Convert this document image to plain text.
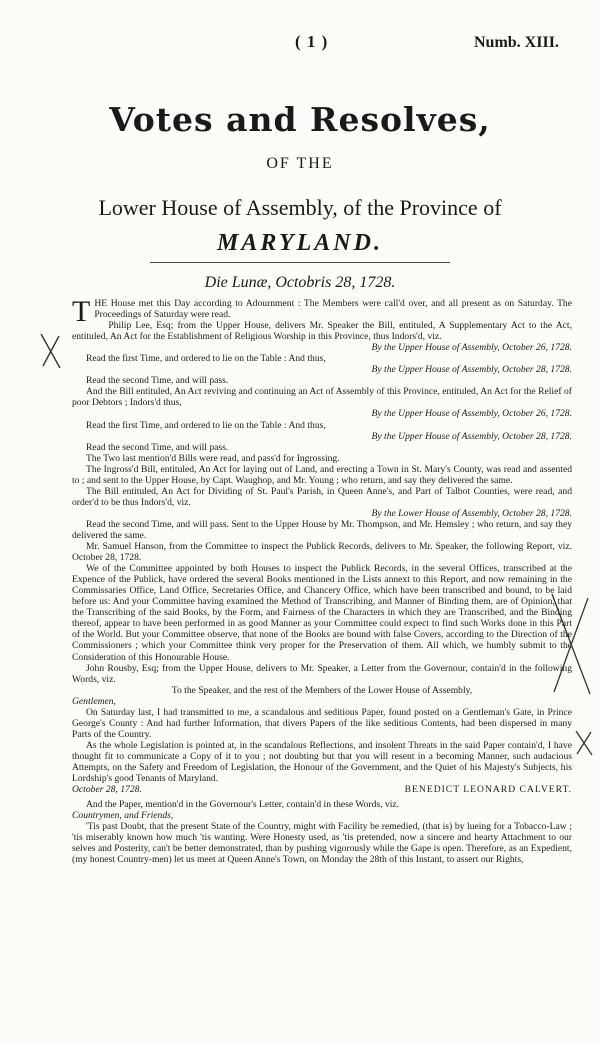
( 1 )	Numb. XIII.
Votes and Resolves,
OF THE
Lower House of Assembly, of the Province of
MARYLAND.
Die Lunæ, Octobris 28, 1728.

THE House met this Day according to Adournment : The Members were call'd over, and all present as on Saturday. The Proceedings of Saturday were read.

Philip Lee, Esq; from the Upper House, delivers Mr. Speaker the Bill, entituled, A Supplementary Act to the Act, entituled, An Act for the Establishment of Religious Worship in this Province, thus Indors'd, viz.

By the Upper House of Assembly, October 26, 1728.

Read the first Time, and ordered to lie on the Table : And thus,

By the Upper House of Assembly, October 28, 1728.

Read the second Time, and will pass.

And the Bill entituled, An Act reviving and continuing an Act of Assembly of this Province, entituled, An Act for the Relief of poor Debtors ; Indors'd thus,

By the Upper House of Assembly, October 26, 1728.

Read the first Time, and ordered to lie on the Table : And thus,

By the Upper House of Assembly, October 28, 1728.

Read the second Time, and will pass.

The Two last mention'd Bills were read, and pass'd for Ingrossing.

The Ingross'd Bill, entituled, An Act for laying out of Land, and erecting a Town in St. Mary's County, was read and assented to ; and sent to the Upper House, by Capt. Waughop, and Mr. Young ; who return, and say they delivered the same.

The Bill entituled, An Act for Dividing of St. Paul's Parish, in Queen Anne's, and Part of Talbot Counties, were read, and order'd to be thus Indors'd, viz.

By the Lower House of Assembly, October 28, 1728.

Read the second Time, and will pass. Sent to the Upper House by Mr. Thompson, and Mr. Hemsley ; who return, and say they delivered the same.

Mr. Samuel Hanson, from the Committee to inspect the Publick Records, delivers to Mr. Speaker, the following Report, viz. October 28, 1728.

We of the Committee appointed by both Houses to inspect the Publick Records, in the several Offices, transcribed at the Expence of the Publick, have ordered the several Books mentioned in the Lists annext to this Report, and now remaining in the Commissaries Office, Land Office, Secretaries Office, and Chancery Office, which have been transcribed and bound, to be laid before us: And your Committee having examined the Method of Transcribing, and Manner of Binding them, are of Opinion, that the Transcribing of the said Books, by the Form, and Fairness of the Characters in which they are Transcribed, and the Binding thereof, appear to have been performed in as good Manner as your Committee could expect to find such Works done in this Part of the World. But your Committee observe, that none of the Books are bound with false Covers, according to the Direction of the Commissioners ; which your Committee think very proper for the Preservation of them. All which, we humbly submit to the Consideration of this Honourable House.

John Rousby, Esq; from the Upper House, delivers to Mr. Speaker, a Letter from the Governour, contain'd in the following Words, viz.

To the Speaker, and the rest of the Members of the Lower House of Assembly,

Gentlemen,

On Saturday last, I had transmitted to me, a scandalous and seditious Paper, found posted on a Gentleman's Gate, in Prince George's County : And had further Information, that divers Papers of the like seditious Contents, had been dispersed in many Parts of the Country.

As the whole Legislation is pointed at, in the scandalous Reflections, and insolent Threats in the said Paper contain'd, I have thought fit to communicate a Copy of it to you ; not doubting but that you will resent in a becoming Manner, such audacious Attempts, on the Safety and Freedom of Legislation, the Honour of the Government, and the Quiet of his Majesty's Subjects, his Lordship's good Tenants of Maryland.

October 28, 1728.	BENEDICT LEONARD CALVERT.

And the Paper, mention'd in the Governour's Letter, contain'd in these Words, viz.

Countrymen, and Friends,

'Tis past Doubt, that the present State of the Country, might with Facility be remedied, (that is) by lueing for a Tobacco-Law ; 'tis miserably known how much 'tis wanting. Were Honesty used, as 'tis pretended, now a sincere and hearty Attachment to our selves and Posterity, can't be better demonstrated, than by pushing vigorously while the Gape is open. Therefore, as an Expedient, (my honest Country-men) let us meet at Queen Anne's Town, on Monday the 28th of this Instant, to assert our Rights,
